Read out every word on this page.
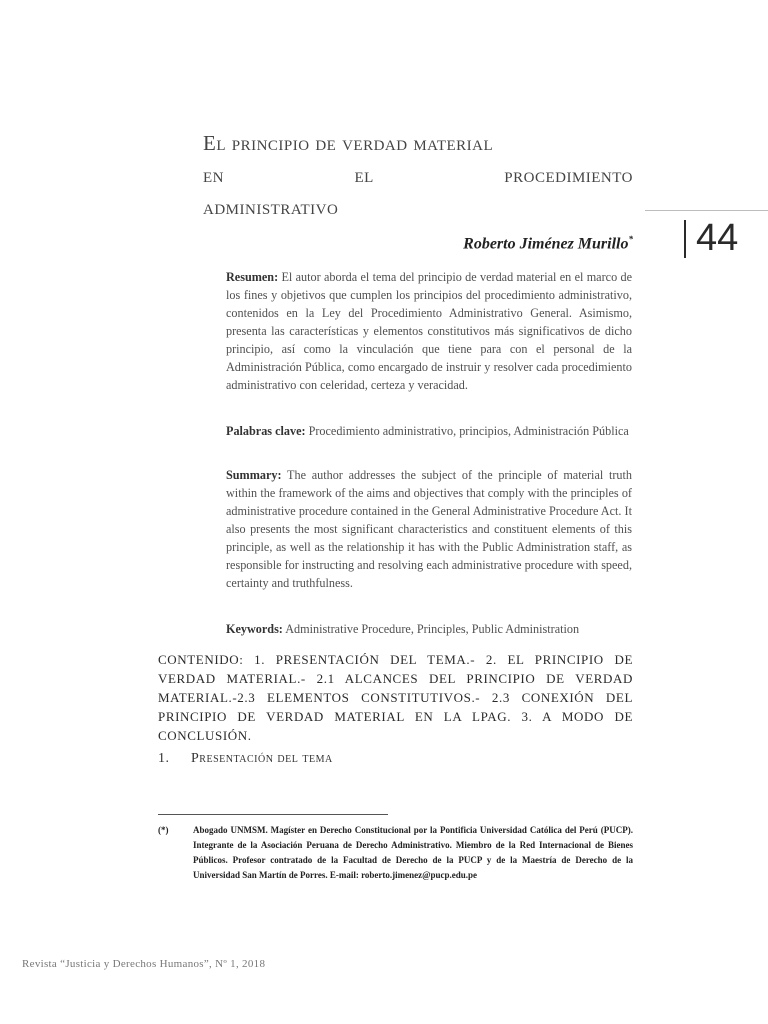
El principio de verdad material
en	el	procedimiento
administrativo
44
Roberto Jiménez Murillo*
Resumen: El autor aborda el tema del principio de verdad material en el marco de los fines y objetivos que cumplen los principios del procedimiento administrativo, contenidos en la Ley del Procedimiento Administrativo General. Asimismo, presenta las características y elementos constitutivos más significativos de dicho principio, así como la vinculación que tiene para con el personal de la Administración Pública, como encargado de instruir y resolver cada procedimiento administrativo con celeridad, certeza y veracidad.
Palabras clave: Procedimiento administrativo, principios, Administración Pública
Summary: The author addresses the subject of the principle of material truth within the framework of the aims and objectives that comply with the principles of administrative procedure contained in the General Administrative Procedure Act. It also presents the most significant characteristics and constituent elements of this principle, as well as the relationship it has with the Public Administration staff, as responsible for instructing and resolving each administrative procedure with speed, certainty and truthfulness.
Keywords: Administrative Procedure, Principles, Public Administration
CONTENIDO: 1. PRESENTACIÓN DEL TEMA.- 2. EL PRINCIPIO DE VERDAD MATERIAL.- 2.1 ALCANCES DEL PRINCIPIO DE VERDAD MATERIAL.-2.3 ELEMENTOS CONSTITUTIVOS.- 2.3 CONEXIÓN DEL PRINCIPIO DE VERDAD MATERIAL EN LA LPAG. 3. A MODO DE CONCLUSIÓN.
1. Presentación del tema
(*)	Abogado UNMSM. Magíster en Derecho Constitucional por la Pontificia Universidad Católica del Perú (PUCP). Integrante de la Asociación Peruana de Derecho Administrativo. Miembro de la Red Internacional de Bienes Públicos. Profesor contratado de la Facultad de Derecho de la PUCP y de la Maestría de Derecho de la Universidad San Martín de Porres. E-mail: roberto.jimenez@pucp.edu.pe
Revista “Justicia y Derechos Humanos”, Nº 1, 2018
